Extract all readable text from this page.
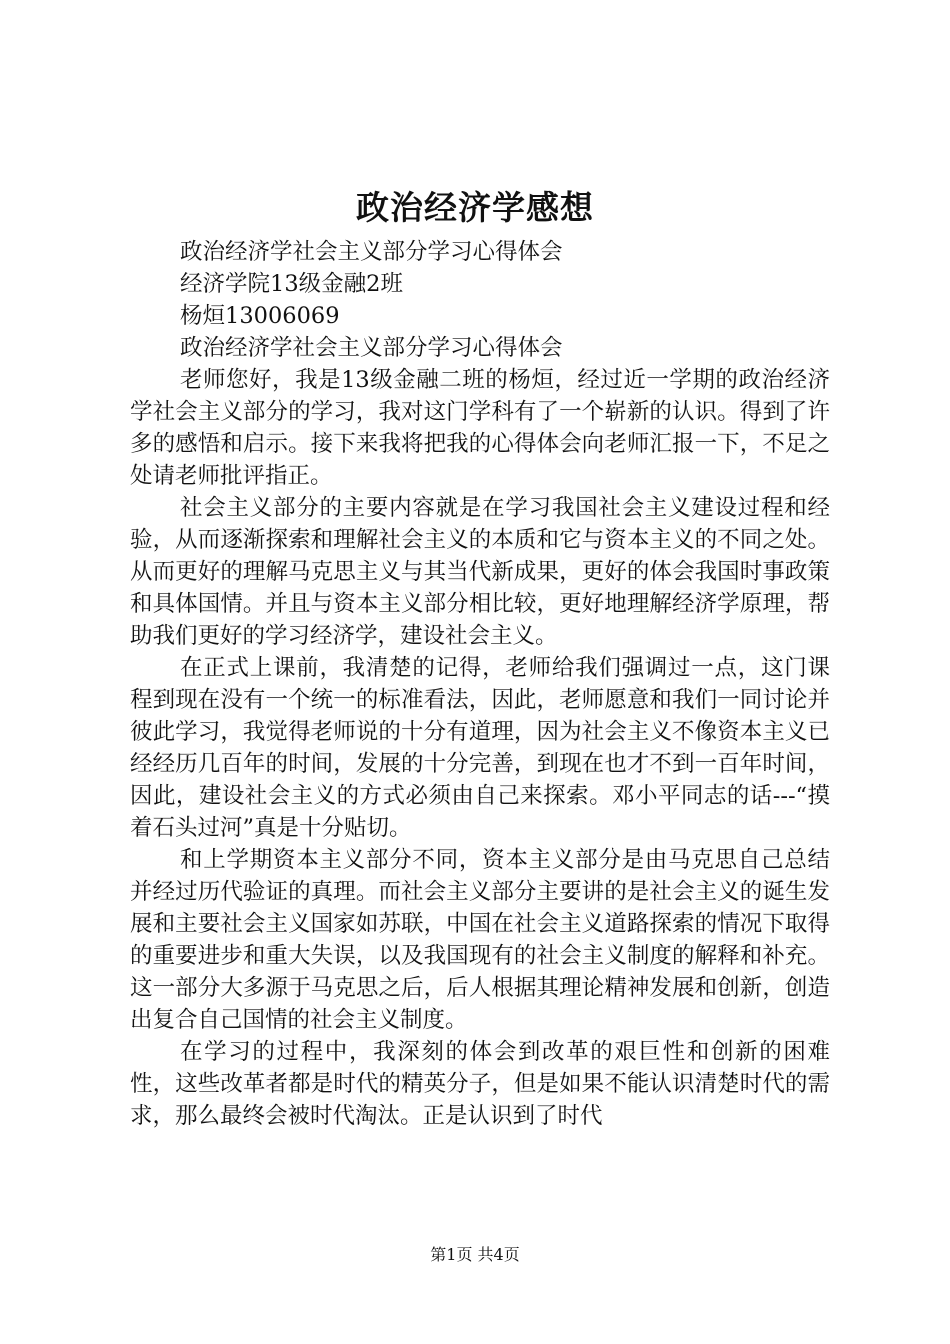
政治经济学感想
政治经济学社会主义部分学习心得体会
经济学院13级金融2班
杨烜13006069
政治经济学社会主义部分学习心得体会

老师您好，我是13级金融二班的杨烜，经过近一学期的政治经济学社会主义部分的学习，我对这门学科有了一个崭新的认识。得到了许多的感悟和启示。接下来我将把我的心得体会向老师汇报一下，不足之处请老师批评指正。

社会主义部分的主要内容就是在学习我国社会主义建设过程和经验，从而逐渐探索和理解社会主义的本质和它与资本主义的不同之处。从而更好的理解马克思主义与其当代新成果，更好的体会我国时事政策和具体国情。并且与资本主义部分相比较，更好地理解经济学原理，帮助我们更好的学习经济学，建设社会主义。

在正式上课前，我清楚的记得，老师给我们强调过一点，这门课程到现在没有一个统一的标准看法，因此，老师愿意和我们一同讨论并彼此学习，我觉得老师说的十分有道理，因为社会主义不像资本主义已经经历几百年的时间，发展的十分完善，到现在也才不到一百年时间，因此，建设社会主义的方式必须由自己来探索。邓小平同志的话---“摸着石头过河”真是十分贴切。

和上学期资本主义部分不同，资本主义部分是由马克思自己总结并经过历代验证的真理。而社会主义部分主要讲的是社会主义的诞生发展和主要社会主义国家如苏联，中国在社会主义道路探索的情况下取得的重要进步和重大失误，以及我国现有的社会主义制度的解释和补充。这一部分大多源于马克思之后，后人根据其理论精神发展和创新，创造出复合自己国情的社会主义制度。

在学习的过程中，我深刻的体会到改革的艰巨性和创新的困难性，这些改革者都是时代的精英分子，但是如果不能认识清楚时代的需求，那么最终会被时代淘汰。正是认识到了时代

第1页 共4页
